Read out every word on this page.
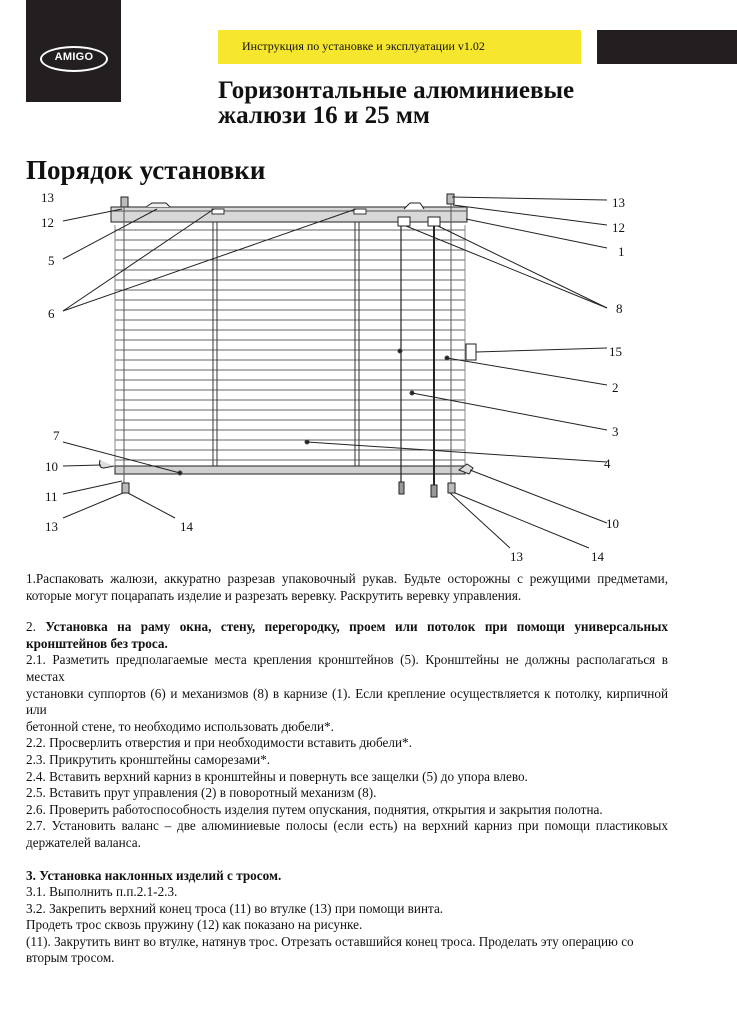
AMIGO
Инструкция по установке и эксплуатации v1.02
Горизонтальные алюминиевые
жалюзи 16 и 25 мм
Порядок установки
13
12
5
6
7
10
11
13	14
13
12
1
8
15
2
3
4
10
13	14

1.Распаковать жалюзи, аккуратно разрезав упаковочный рукав. Будьте осторожны с режущими предметами, которые могут поцарапать изделие и разрезать веревку. Раскрутить веревку управления.

2. Установка на раму окна, стену, перегородку, проем или потолок при помощи универсальных кронштейнов без троса.

2.1. Разметить предполагаемые места крепления кронштейнов (5). Кронштейны не должны располагаться в местах

установки суппортов (6) и механизмов (8) в карнизе (1). Если крепление осуществляется к потолку, кирпичной или

бетонной стене, то необходимо использовать дюбели*.

2.2. Просверлить отверстия и при необходимости вставить дюбели*.

2.3. Прикрутить кронштейны саморезами*.

2.4. Вставить верхний карниз в кронштейны и повернуть все защелки (5) до упора влево.

2.5. Вставить прут управления (2) в поворотный механизм (8).

2.6. Проверить работоспособность изделия путем опускания, поднятия, открытия и закрытия полотна.

2.7. Установить валанс – две алюминиевые полосы (если есть) на верхний карниз при помощи пластиковых держателей валанса.

3. Установка наклонных изделий с тросом.

3.1. Выполнить п.п.2.1-2.3.

3.2. Закрепить верхний конец троса (11) во втулке (13) при помощи винта.

Продеть трос сквозь пружину (12) как показано на рисунке.

(11). Закрутить винт во втулке, натянув трос. Отрезать оставшийся конец троса. Проделать эту операцию со вторым тросом.
